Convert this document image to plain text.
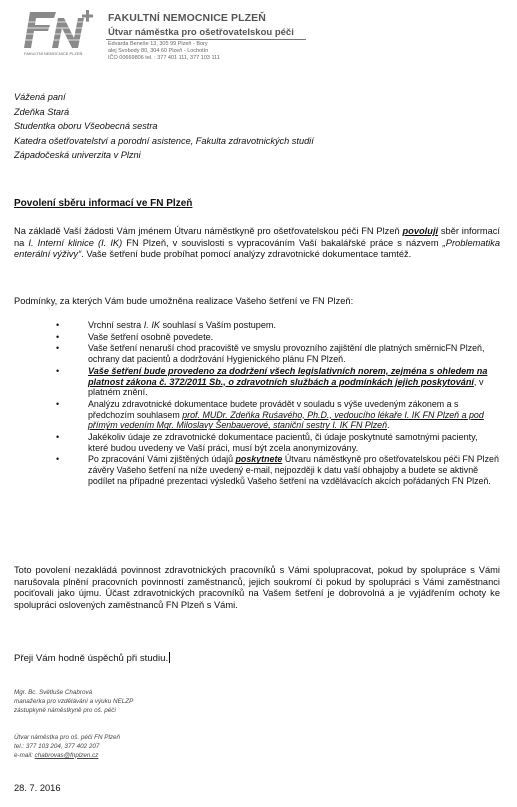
FAKULTNÍ NEMOCNICE PLZEŇ
FAKULTNÍ NEMOCNICE PLZEŇ
Útvar náměstka pro ošetřovatelskou péči
Edvarda Beneše 13, 305 99 Plzeň - Bory
alej Svobody 80, 304 60 Plzeň - Lochotín
IČO 00669806 tel. : 377 401 111, 377 103 111
Vážená paní
Zdeňka Stará
Studentka oboru Všeobecná sestra
Katedra ošetřovatelství a porodní asistence, Fakulta zdravotnických studií
Západočeská univerzita v Plzni
Povolení sběru informací ve FN Plzeň
Na základě Vaší žádosti Vám jménem Útvaru náměstkyně pro ošetřovatelskou péči FN Plzeň povoluji sběr informací na I. Interní klinice (I. IK) FN Plzeň, v souvislosti s vypracováním Vaší bakalářské práce s názvem „Problematika enterální výživy“. Vaše šetření bude probíhat pomocí analýzy zdravotnické dokumentace tamtéž.
Podmínky, za kterých Vám bude umožněna realizace Vašeho šetření ve FN Plzeň:
• Vrchní sestra I. IK souhlasí s Vaším postupem.
• Vaše šetření osobně povedete.
• Vaše šetření nenaruší chod pracoviště ve smyslu provozního zajištění dle platných směrnicFN Plzeň, ochrany dat pacientů a dodržování Hygienického plánu FN Plzeň.
• Vaše šetření bude provedeno za dodržení všech legislativních norem, zejména s ohledem na platnost zákona č. 372/2011 Sb., o zdravotních službách a podmínkách jejich poskytování, v platném znění.
• Analýzu zdravotnické dokumentace budete provádět v souladu s výše uvedeným zákonem a s předchozím souhlasem prof. MUDr. Zdeňka Ruśavého, Ph.D., vedoucího lékaře I. IK FN Plzeň a pod přímým vedením Mgr. Miloslavy Šenbauerové, staniční sestry I. IK FN Plzeň.
• Jakékoliv údaje ze zdravotnické dokumentace pacientů, či údaje poskytnuté samotnými pacienty, které budou uvedeny ve Vaší práci, musí být zcela anonymizovány.
• Po zpracování Vámi zjištěných údajů poskytnete Útvaru náměstkyně pro ošetřovatelskou péči FN Plzeň závěry Vašeho šetření na níže uvedený e-mail, nejpozději k datu vaší obhajoby a budete se aktivně podílet na případné prezentaci výsledků Vašeho šetření na vzdělávacích akcích pořádaných FN Plzeň.
Toto povolení nezakládá povinnost zdravotnických pracovníků s Vámi spolupracovat, pokud by spolupráce s Vámi narušovala plnění pracovních povinností zaměstnanců, jejich soukromí či pokud by spolupráci s Vámi zaměstnanci pociťovali jako újmu. Účast zdravotnických pracovníků na Vašem šetření je dobrovolná a je vyjádřením ochoty ke spolupráci oslovených zaměstnanců FN Plzeň s Vámi.
Přeji Vám hodně úspěchů při studiu.
Mgr. Bc. Světluše Chabrová
manažerka pro vzdělávání a výuku NELZP
zástupkyně náměstkyně pro oš. péči
Útvar náměstka pro oš. péči FN Plzeň
tel.: 377 103 204, 377 402 207
e-mail: chabrovas@fnplzen.cz
28. 7. 2016
